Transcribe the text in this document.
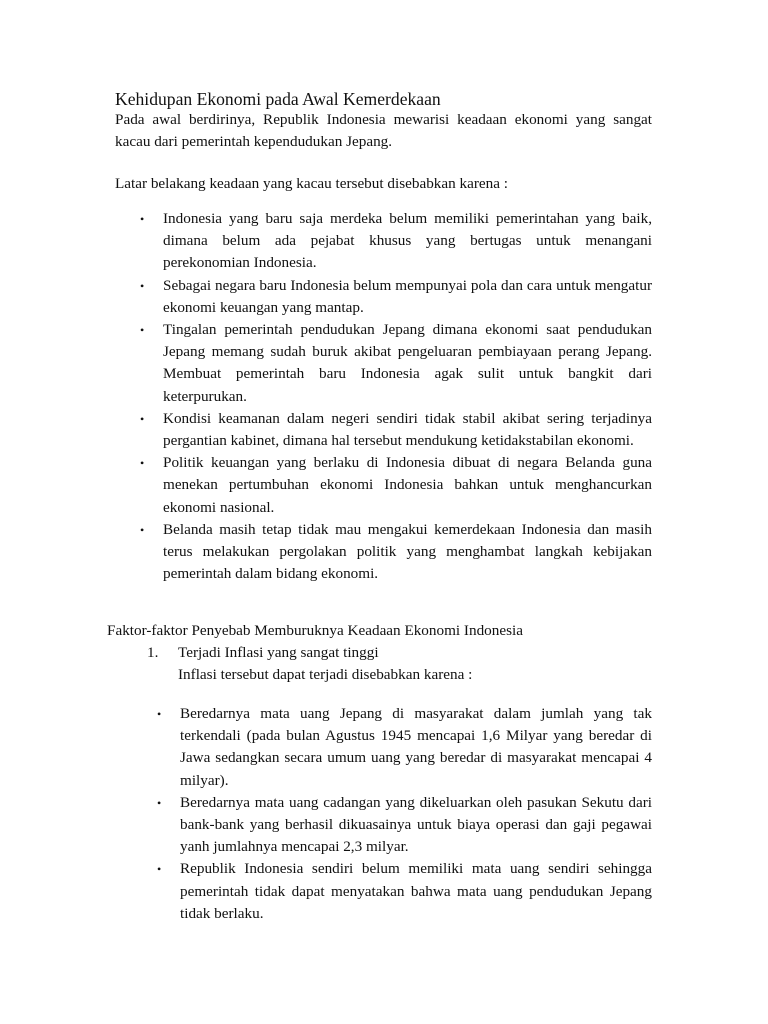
Kehidupan Ekonomi pada Awal Kemerdekaan
Pada awal berdirinya, Republik Indonesia mewarisi keadaan ekonomi yang sangat kacau dari pemerintah kependudukan Jepang.
Latar belakang keadaan yang kacau tersebut disebabkan karena :
• Indonesia yang baru saja merdeka belum memiliki pemerintahan yang baik, dimana belum ada pejabat khusus yang bertugas untuk menangani perekonomian Indonesia.
• Sebagai negara baru Indonesia belum mempunyai pola dan cara untuk mengatur ekonomi keuangan yang mantap.
• Tingalan pemerintah pendudukan Jepang dimana ekonomi saat pendudukan Jepang memang sudah buruk akibat pengeluaran pembiayaan perang Jepang. Membuat pemerintah baru Indonesia agak sulit untuk bangkit dari keterpurukan.
• Kondisi keamanan dalam negeri sendiri tidak stabil akibat sering terjadinya pergantian kabinet, dimana hal tersebut mendukung ketidakstabilan ekonomi.
• Politik keuangan yang berlaku di Indonesia dibuat di negara Belanda guna menekan pertumbuhan ekonomi Indonesia bahkan untuk menghancurkan ekonomi nasional.
• Belanda masih tetap tidak mau mengakui kemerdekaan Indonesia dan masih terus melakukan pergolakan politik yang menghambat langkah kebijakan pemerintah dalam bidang ekonomi.
Faktor-faktor Penyebab Memburuknya Keadaan Ekonomi Indonesia
1. Terjadi Inflasi yang sangat tinggi
Inflasi tersebut dapat terjadi disebabkan karena :
• Beredarnya mata uang Jepang di masyarakat dalam jumlah yang tak terkendali (pada bulan Agustus 1945 mencapai 1,6 Milyar yang beredar di Jawa sedangkan secara umum uang yang beredar di masyarakat mencapai 4 milyar).
• Beredarnya mata uang cadangan yang dikeluarkan oleh pasukan Sekutu dari bank-bank yang berhasil dikuasainya untuk biaya operasi dan gaji pegawai yanh jumlahnya mencapai 2,3 milyar.
• Republik Indonesia sendiri belum memiliki mata uang sendiri sehingga pemerintah tidak dapat menyatakan bahwa mata uang pendudukan Jepang tidak berlaku.
